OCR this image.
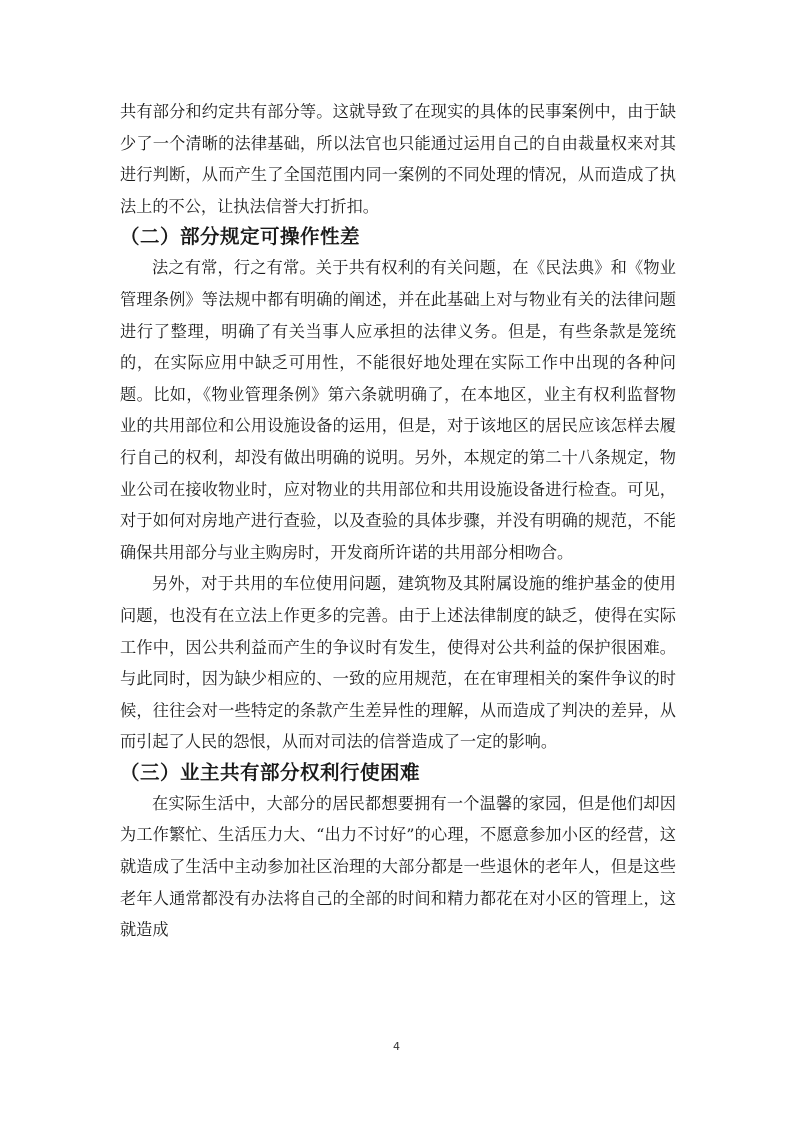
共有部分和约定共有部分等。这就导致了在现实的具体的民事案例中，由于缺少了一个清晰的法律基础，所以法官也只能通过运用自己的自由裁量权来对其进行判断，从而产生了全国范围内同一案例的不同处理的情况，从而造成了执法上的不公，让执法信誉大打折扣。

（二）部分规定可操作性差

法之有常，行之有常。关于共有权利的有关问题，在《民法典》和《物业管理条例》等法规中都有明确的阐述，并在此基础上对与物业有关的法律问题进行了整理，明确了有关当事人应承担的法律义务。但是，有些条款是笼统的，在实际应用中缺乏可用性，不能很好地处理在实际工作中出现的各种问题。比如，《物业管理条例》第六条就明确了，在本地区，业主有权利监督物业的共用部位和公用设施设备的运用，但是，对于该地区的居民应该怎样去履行自己的权利，却没有做出明确的说明。另外，本规定的第二十八条规定，物业公司在接收物业时，应对物业的共用部位和共用设施设备进行检查。可见，对于如何对房地产进行查验，以及查验的具体步骤，并没有明确的规范，不能确保共用部分与业主购房时，开发商所许诺的共用部分相吻合。

另外，对于共用的车位使用问题，建筑物及其附属设施的维护基金的使用问题，也没有在立法上作更多的完善。由于上述法律制度的缺乏，使得在实际工作中，因公共利益而产生的争议时有发生，使得对公共利益的保护很困难。与此同时，因为缺少相应的、一致的应用规范，在在审理相关的案件争议的时候，往往会对一些特定的条款产生差异性的理解，从而造成了判决的差异，从而引起了人民的怨恨，从而对司法的信誉造成了一定的影响。

（三）业主共有部分权利行使困难

在实际生活中，大部分的居民都想要拥有一个温馨的家园，但是他们却因为工作繁忙、生活压力大、“出力不讨好”的心理，不愿意参加小区的经营，这就造成了生活中主动参加社区治理的大部分都是一些退休的老年人，但是这些老年人通常都没有办法将自己的全部的时间和精力都花在对小区的管理上，这就造成

4
